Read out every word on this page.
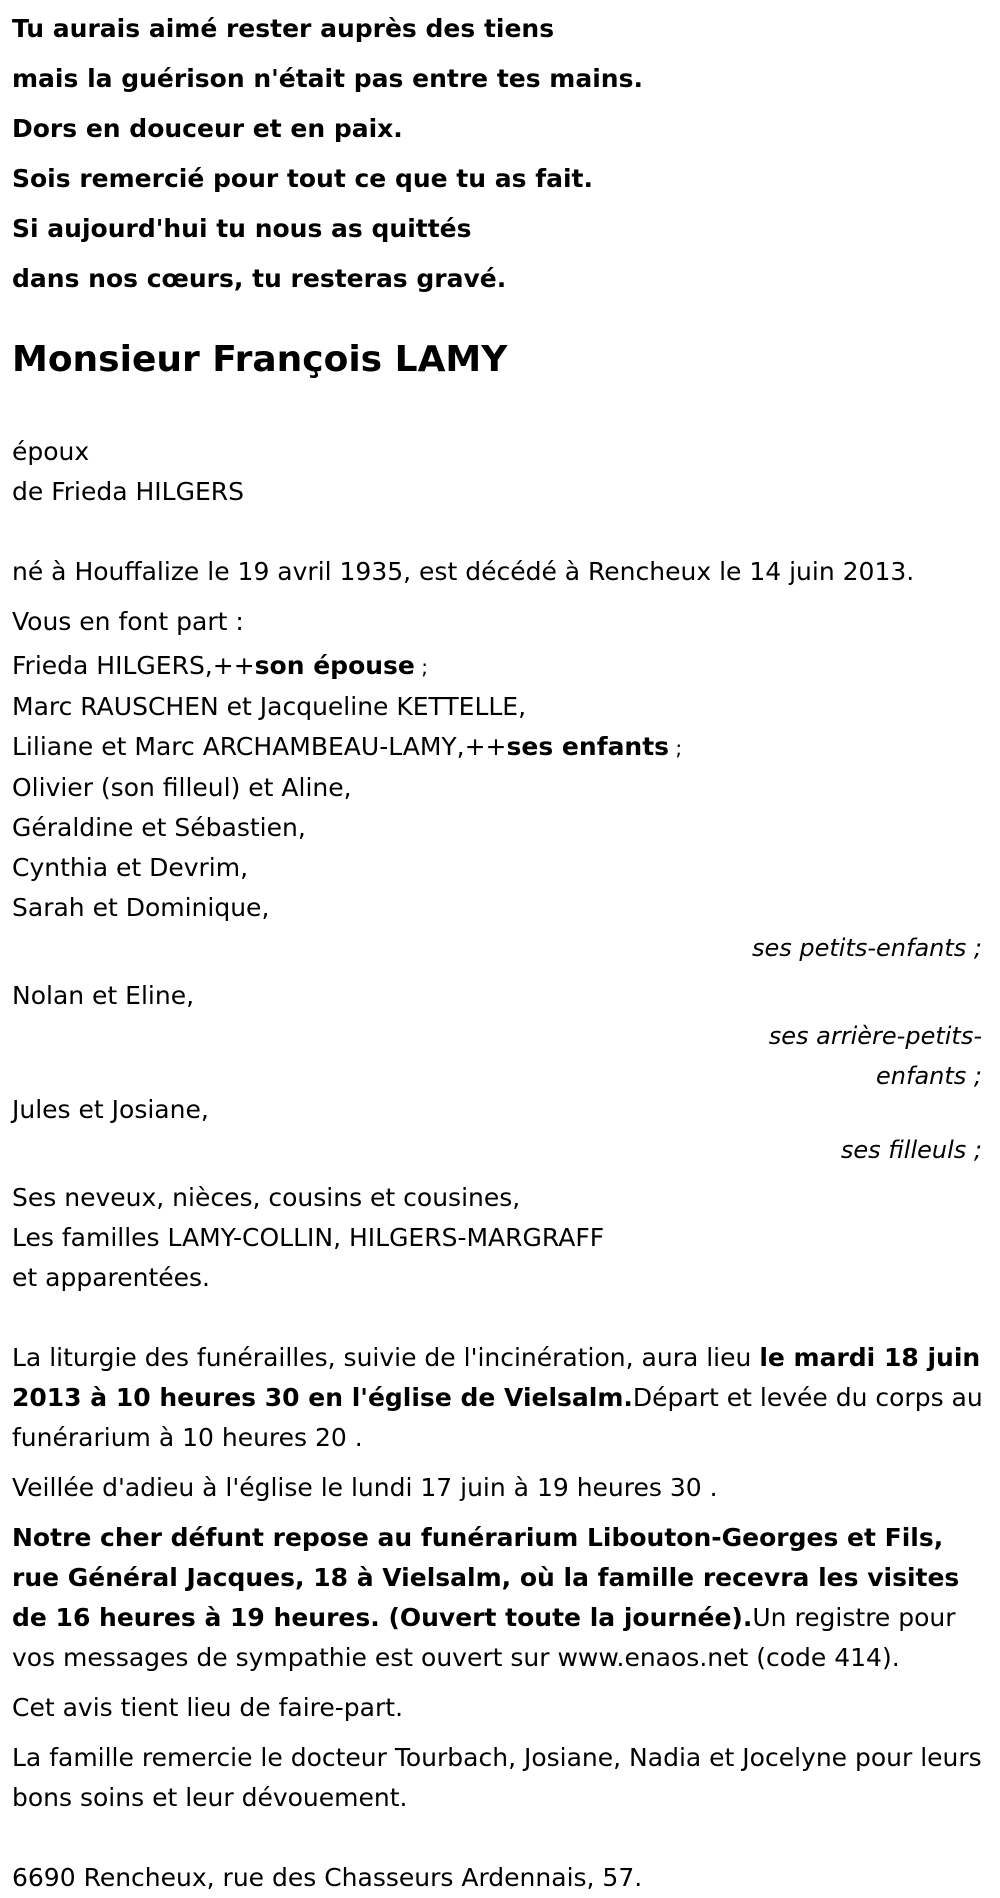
Tu aurais aimé rester auprès des tiens

mais la guérison n'était pas entre tes mains.

Dors en douceur et en paix.

Sois remercié pour tout ce que tu as fait.

Si aujourd'hui tu nous as quittés

dans nos cœurs, tu resteras gravé.

Monsieur François LAMY
époux
de Frieda HILGERS

né à Houffalize le 19 avril 1935, est décédé à Rencheux le 14 juin 2013.

Vous en font part :

Frieda HILGERS,++son épouse ;
Marc RAUSCHEN et Jacqueline KETTELLE,
Liliane et Marc ARCHAMBEAU-LAMY,++ses enfants ;
Olivier (son filleul) et Aline,
Géraldine et Sébastien,
Cynthia et Devrim,
Sarah et Dominique,
ses petits-enfants ;
Nolan et Eline,
ses arrière-petits-
enfants ;
Jules et Josiane,
ses filleuls ;
Ses neveux, nièces, cousins et cousines,
Les familles LAMY-COLLIN, HILGERS-MARGRAFF
et apparentées.

La liturgie des funérailles, suivie de l'incinération, aura lieu le mardi 18 juin 2013 à 10 heures 30 en l'église de Vielsalm.Départ et levée du corps au funérarium à 10 heures 20 .

Veillée d'adieu à l'église le lundi 17 juin à 19 heures 30 .

Notre cher défunt repose au funérarium Libouton-Georges et Fils, rue Général Jacques, 18 à Vielsalm, où la famille recevra les visites de 16 heures à 19 heures. (Ouvert toute la journée).Un registre pour vos messages de sympathie est ouvert sur www.enaos.net (code 414).

Cet avis tient lieu de faire-part.

La famille remercie le docteur Tourbach, Josiane, Nadia et Jocelyne pour leurs bons soins et leur dévouement.

6690 Rencheux, rue des Chasseurs Ardennais, 57.
